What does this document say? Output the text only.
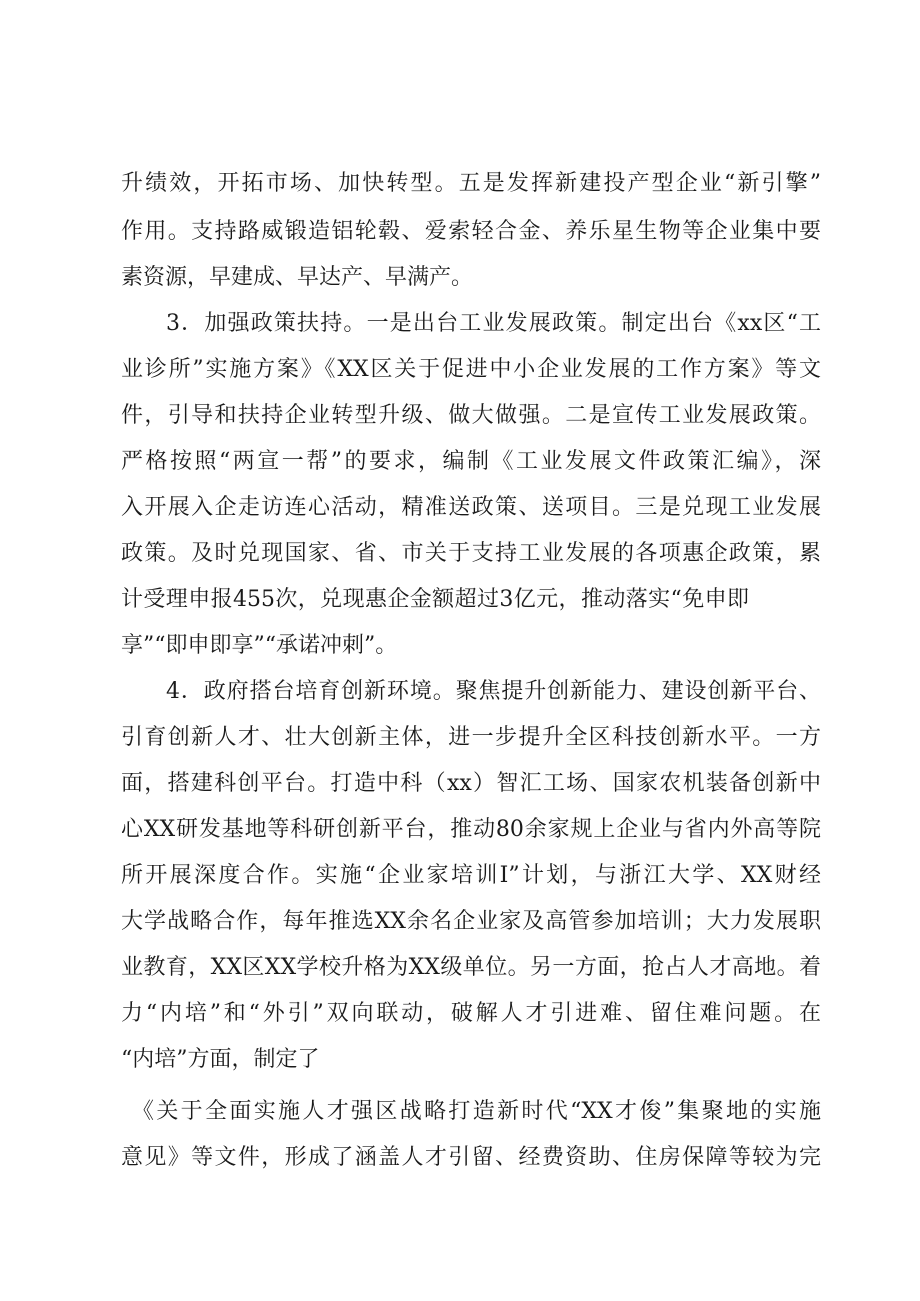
升绩效，开拓市场、加快转型。五是发挥新建投产型企业“新引擎”
作用。支持路威锻造铝轮毂、爱索轻合金、养乐星生物等企业集中要
素资源，早建成、早达产、早满产。
3．加强政策扶持。一是出台工业发展政策。制定出台《xx区“工
业诊所”实施方案》《XX区关于促进中小企业发展的工作方案》等文
件，引导和扶持企业转型升级、做大做强。二是宣传工业发展政策。
严格按照“两宣一帮”的要求，编制《工业发展文件政策汇编》，深
入开展入企走访连心活动，精准送政策、送项目。三是兑现工业发展
政策。及时兑现国家、省、市关于支持工业发展的各项惠企政策，累
计受理申报455次，兑现惠企金额超过3亿元，推动落实“免申即
享”“即申即享”“承诺冲刺”。
4．政府搭台培育创新环境。聚焦提升创新能力、建设创新平台、
引育创新人才、壮大创新主体，进一步提升全区科技创新水平。一方
面，搭建科创平台。打造中科（xx）智汇工场、国家农机装备创新中
心XX研发基地等科研创新平台，推动80余家规上企业与省内外高等院
所开展深度合作。实施“企业家培训I”计划，与浙江大学、XX财经
大学战略合作，每年推选XX余名企业家及高管参加培训；大力发展职
业教育，XX区XX学校升格为XX级单位。另一方面，抢占人才高地。着
力“内培”和“外引”双向联动，破解人才引进难、留住难问题。在
“内培”方面，制定了
《关于全面实施人才强区战略打造新时代“XX才俊”集聚地的实施
意见》等文件，形成了涵盖人才引留、经费资助、住房保障等较为完
